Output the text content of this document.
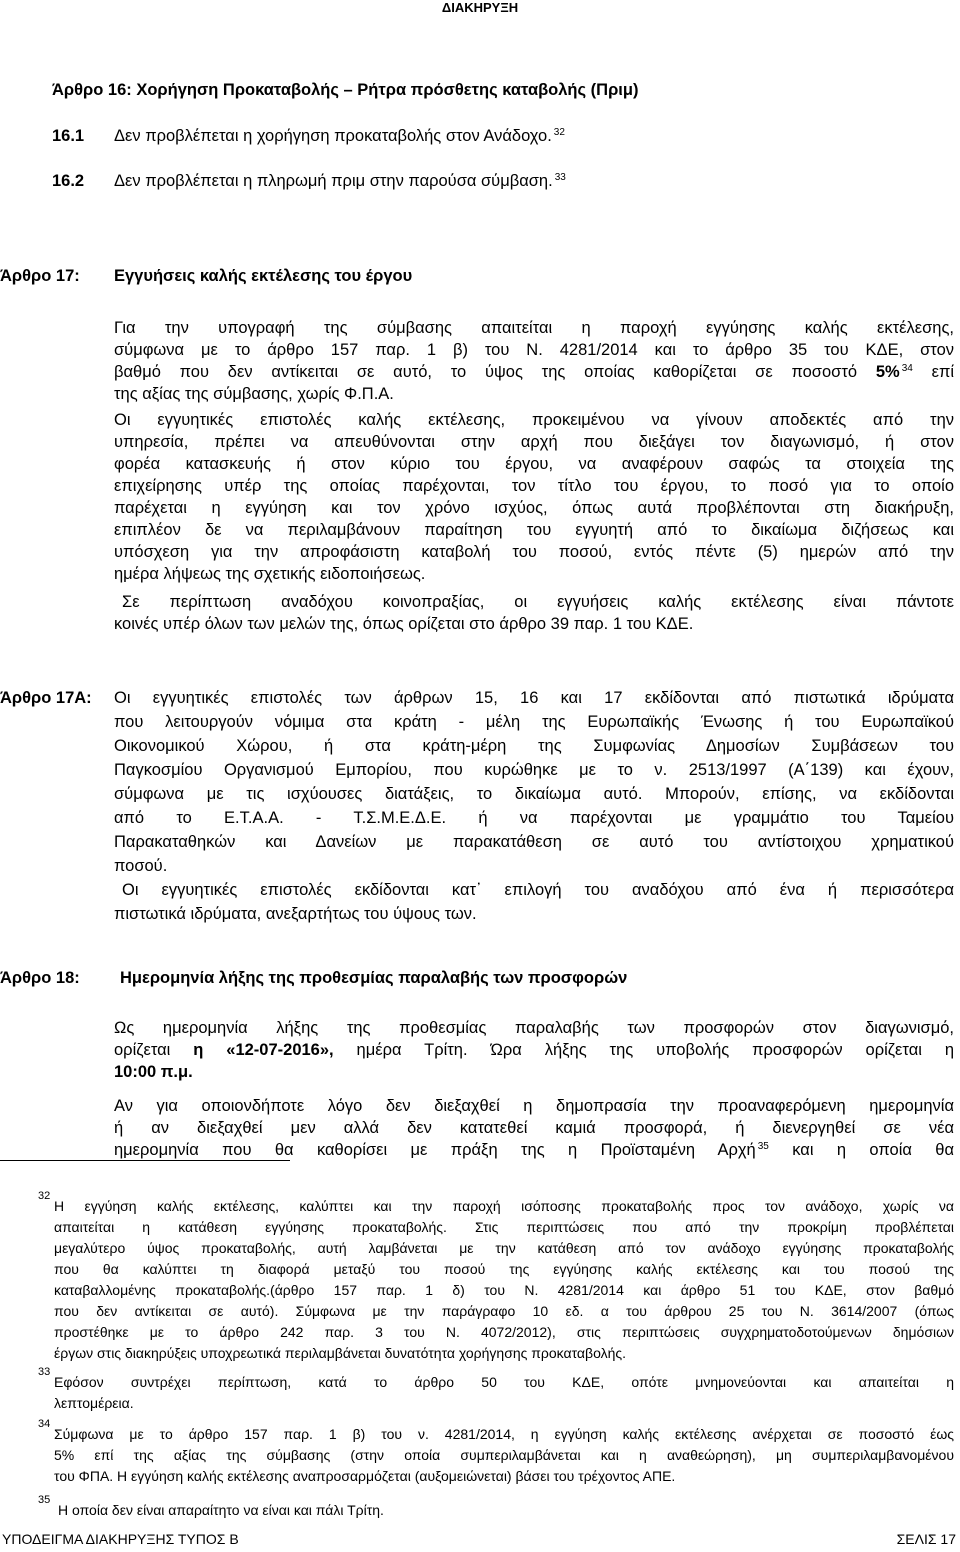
ΔΙΑΚΗΡΥΞΗ
Άρθρο 16: Χορήγηση Προκαταβολής – Ρήτρα πρόσθετης καταβολής (Πριμ)
16.1 Δεν προβλέπεται η χορήγηση προκαταβολής στον Ανάδοχο. $^{32}$
16.2 Δεν προβλέπεται η πληρωμή πριμ στην παρούσα σύμβαση. $^{33}$
Άρθρο 17: Εγγυήσεις καλής εκτέλεσης του έργου
Για την υπογραφή της σύμβασης απαιτείται η παροχή εγγύησης καλής εκτέλεσης,
σύμφωνα με το άρθρο 157 παρ. 1 β) του Ν. 4281/2014 και το άρθρο 35 του ΚΔΕ, στον
βαθμό που δεν αντίκειται σε αυτό, το ύψος της οποίας καθορίζεται σε ποσοστό 5% $^{34}$ επί
της αξίας της σύμβασης, χωρίς Φ.Π.Α.
Οι εγγυητικές επιστολές καλής εκτέλεσης, προκειμένου να γίνουν αποδεκτές από την
υπηρεσία, πρέπει να απευθύνονται στην αρχή που διεξάγει τον διαγωνισμό, ή στον
φορέα κατασκευής ή στον κύριο του έργου, να αναφέρουν σαφώς τα στοιχεία της
επιχείρησης υπέρ της οποίας παρέχονται, τον τίτλο του έργου, το ποσό για το οποίο
παρέχεται η εγγύηση και τον χρόνο ισχύος, όπως αυτά προβλέπονται στη διακήρυξη,
επιπλέον δε να περιλαμβάνουν παραίτηση του εγγυητή από το δικαίωμα διζήσεως και
υπόσχεση για την απροφάσιστη καταβολή του ποσού, εντός πέντε (5) ημερών από την
ημέρα λήψεως της σχετικής ειδοποιήσεως.
Σε περίπτωση αναδόχου κοινοπραξίας, οι εγγυήσεις καλής εκτέλεσης είναι πάντοτε
κοινές υπέρ όλων των μελών της, όπως ορίζεται στο άρθρο 39 παρ. 1 του ΚΔΕ.
Άρθρο 17Α: Οι εγγυητικές επιστολές των άρθρων 15, 16 και 17 εκδίδονται από πιστωτικά ιδρύματα
που λειτουργούν νόμιμα στα κράτη - μέλη της Ευρωπαϊκής Ένωσης ή του Ευρωπαϊκού
Οικονομικού Χώρου, ή στα κράτη-μέρη της Συμφωνίας Δημοσίων Συμβάσεων του
Παγκοσμίου Οργανισμού Εμπορίου, που κυρώθηκε με το ν. 2513/1997 (Α΄139) και έχουν,
σύμφωνα με τις ισχύουσες διατάξεις, το δικαίωμα αυτό. Μπορούν, επίσης, να εκδίδονται
από το Ε.Τ.Α.Α. - Τ.Σ.Μ.Ε.Δ.Ε. ή να παρέχονται με γραμμάτιο του Ταμείου
Παρακαταθηκών και Δανείων με παρακατάθεση σε αυτό του αντίστοιχου χρηματικού
ποσού.
Οι εγγυητικές επιστολές εκδίδονται κατ᾽ επιλογή του αναδόχου από ένα ή περισσότερα
πιστωτικά ιδρύματα, ανεξαρτήτως του ύψους των.
Άρθρο 18: Ημερομηνία λήξης της προθεσμίας παραλαβής των προσφορών
Ως ημερομηνία λήξης της προθεσμίας παραλαβής των προσφορών στον διαγωνισμό,
ορίζεται η «12-07-2016», ημέρα Τρίτη. Ώρα λήξης της υποβολής προσφορών ορίζεται η
10:00 π.μ.
Αν για οποιονδήποτε λόγο δεν διεξαχθεί η δημοπρασία την προαναφερόμενη ημερομηνία
ή αν διεξαχθεί μεν αλλά δεν κατατεθεί καμιά προσφορά, ή διενεργηθεί σε νέα
ημερομηνία που θα καθορίσει με πράξη της η Προϊσταμένη Αρχή $^{35}$ και η οποία θα
32
Η εγγύηση καλής εκτέλεσης, καλύπτει και την παροχή ισόποσης προκαταβολής προς τον ανάδοχο, χωρίς να
απαιτείται η κατάθεση εγγύησης προκαταβολής. Στις περιπτώσεις που από την προκρίμη προβλέπεται
μεγαλύτερο ύψος προκαταβολής, αυτή λαμβάνεται με την κατάθεση από τον ανάδοχο εγγύησης προκαταβολής
που θα καλύπτει τη διαφορά μεταξύ του ποσού της εγγύησης καλής εκτέλεσης και του ποσού της
καταβαλλομένης προκαταβολής.(άρθρο 157 παρ. 1 δ) του Ν. 4281/2014 και άρθρο 51 του ΚΔΕ, στον βαθμό
που δεν αντίκειται σε αυτό). Σύμφωνα με την παράγραφο 10 εδ. α του άρθρου 25 του Ν. 3614/2007 (όπως
προστέθηκε με το άρθρο 242 παρ. 3 του Ν. 4072/2012), στις περιπτώσεις συγχρηματοδοτούμενων δημόσιων
έργων στις διακηρύξεις υποχρεωτικά περιλαμβάνεται δυνατότητα χορήγησης προκαταβολής.
33
Εφόσον συντρέχει περίπτωση, κατά το άρθρο 50 του ΚΔΕ, οπότε μνημονεύονται και απαιτείται η
λεπτομέρεια.
34
Σύμφωνα με το άρθρο 157 παρ. 1 β) του ν. 4281/2014, η εγγύηση καλής εκτέλεσης ανέρχεται σε ποσοστό έως
5% επί της αξίας της σύμβασης (στην οποία συμπεριλαμβάνεται και η αναθεώρηση), μη συμπεριλαμβανομένου
του ΦΠΑ. Η εγγύηση καλής εκτέλεσης αναπροσαρμόζεται (αυξομειώνεται) βάσει του τρέχοντος ΑΠΕ.
35
Η οποία δεν είναι απαραίτητο να είναι και πάλι Τρίτη.
ΥΠΟΔΕΙΓΜΑ ΔΙΑΚΗΡΥΞΗΣ ΤΥΠΟΣ Β	ΣΕΛΙΣ 17
